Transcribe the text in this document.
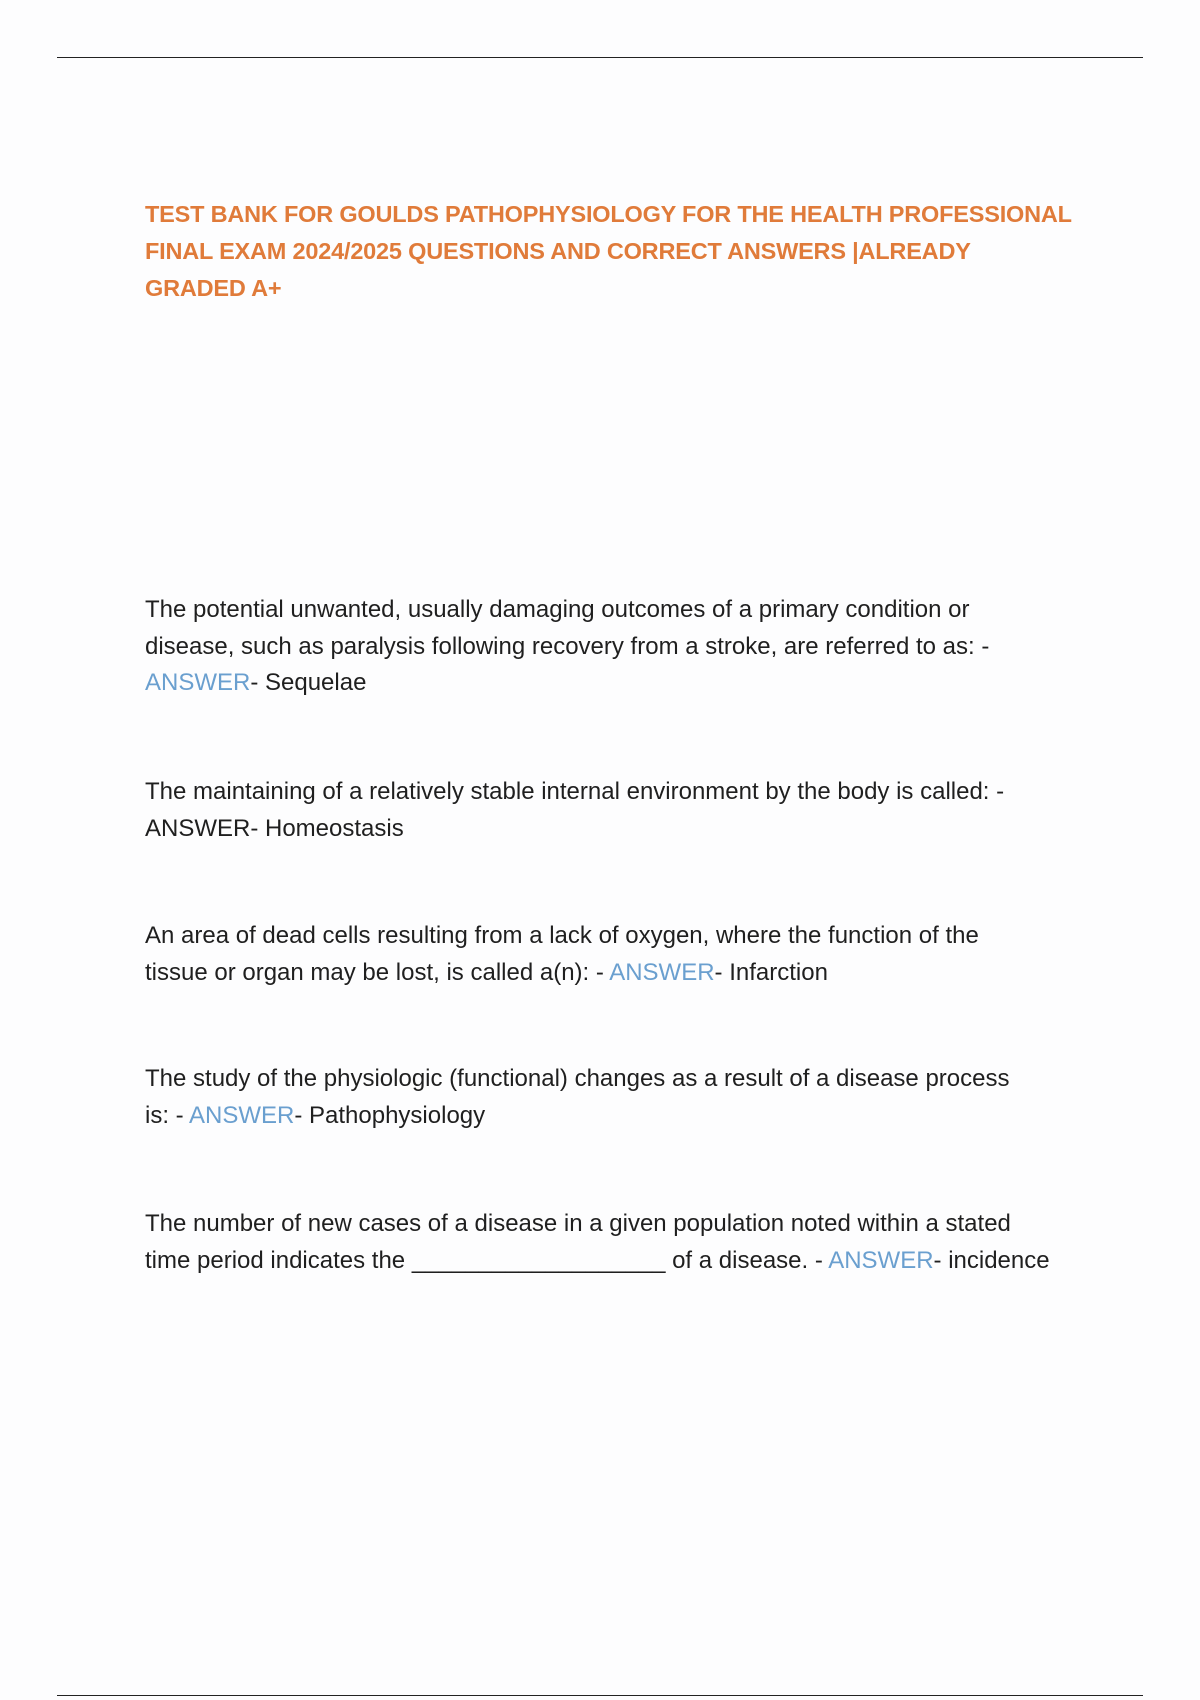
TEST BANK FOR GOULDS PATHOPHYSIOLOGY FOR THE HEALTH PROFESSIONAL
FINAL EXAM 2024/2025 QUESTIONS AND CORRECT ANSWERS |ALREADY
GRADED A+
The potential unwanted, usually damaging outcomes of a primary condition or
disease, such as paralysis following recovery from a stroke, are referred to as: -
ANSWER- Sequelae
The maintaining of a relatively stable internal environment by the body is called: -
ANSWER- Homeostasis
An area of dead cells resulting from a lack of oxygen, where the function of the
tissue or organ may be lost, is called a(n): - ANSWER- Infarction
The study of the physiologic (functional) changes as a result of a disease process
is: - ANSWER- Pathophysiology
The number of new cases of a disease in a given population noted within a stated
time period indicates the ___________________ of a disease. - ANSWER- incidence
